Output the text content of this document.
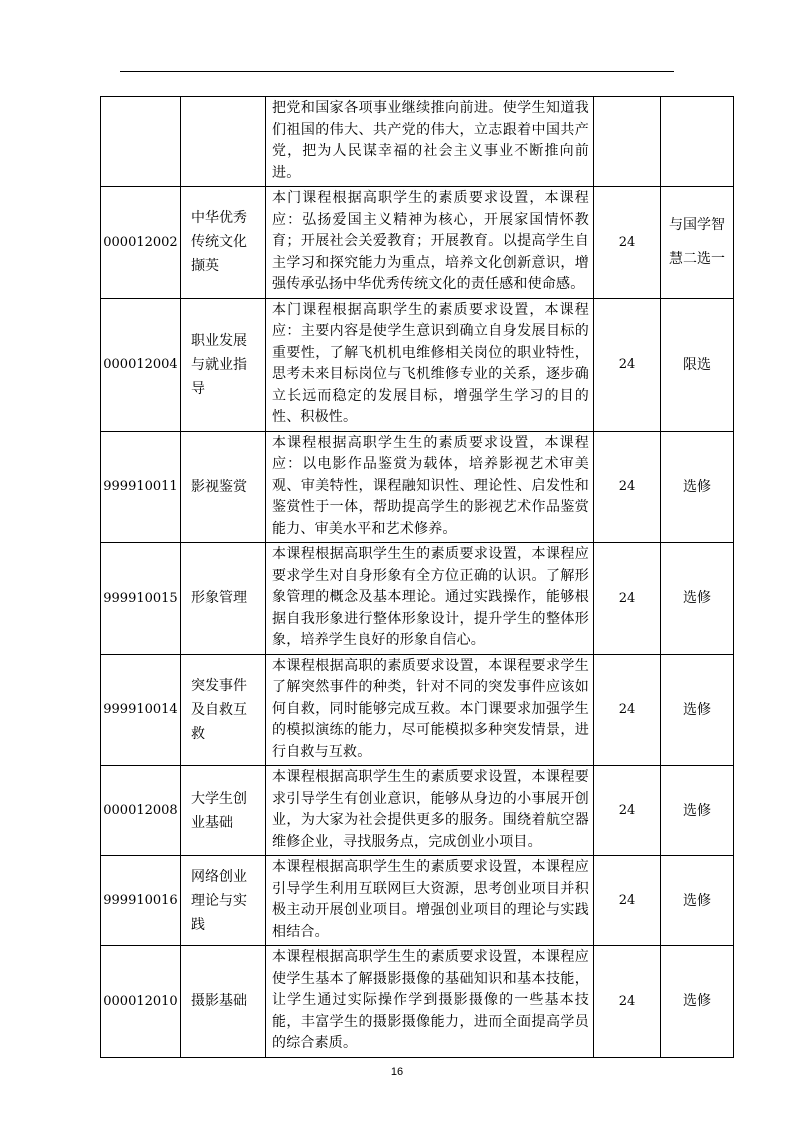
		把党和国家各项事业继续推向前进。使学生知道我们祖国的伟大、共产党的伟大，立志跟着中国共产党，把为人民谋幸福的社会主义事业不断推向前进。		
000012002	中华优秀传统文化撷英	本门课程根据高职学生的素质要求设置，本课程应：弘扬爱国主义精神为核心，开展家国情怀教育；开展社会关爱教育；开展教育。以提高学生自主学习和探究能力为重点，培养文化创新意识，增强传承弘扬中华优秀传统文化的责任感和使命感。	24	与国学智慧二选一
000012004	职业发展与就业指导	本门课程根据高职学生的素质要求设置，本课程应：主要内容是使学生意识到确立自身发展目标的重要性，了解飞机机电维修相关岗位的职业特性，思考未来目标岗位与飞机维修专业的关系，逐步确立长远而稳定的发展目标，增强学生学习的目的性、积极性。	24	限选
999910011	影视鉴赏	本课程根据高职学生生的素质要求设置，本课程应：以电影作品鉴赏为载体，培养影视艺术审美观、审美特性，课程融知识性、理论性、启发性和鉴赏性于一体，帮助提高学生的影视艺术作品鉴赏能力、审美水平和艺术修养。	24	选修
999910015	形象管理	本课程根据高职学生生的素质要求设置，本课程应要求学生对自身形象有全方位正确的认识。了解形象管理的概念及基本理论。通过实践操作，能够根据自我形象进行整体形象设计，提升学生的整体形象，培养学生良好的形象自信心。	24	选修
999910014	突发事件及自救互救	本课程根据高职的素质要求设置，本课程要求学生了解突然事件的种类，针对不同的突发事件应该如何自救，同时能够完成互救。本门课要求加强学生的模拟演练的能力，尽可能模拟多种突发情景，进行自救与互救。	24	选修
000012008	大学生创业基础	本课程根据高职学生生的素质要求设置，本课程要求引导学生有创业意识，能够从身边的小事展开创业，为大家为社会提供更多的服务。围绕着航空器维修企业，寻找服务点，完成创业小项目。	24	选修
999910016	网络创业理论与实践	本课程根据高职学生生的素质要求设置，本课程应引导学生利用互联网巨大资源，思考创业项目并积极主动开展创业项目。增强创业项目的理论与实践相结合。	24	选修
000012010	摄影基础	本课程根据高职学生生的素质要求设置，本课程应使学生基本了解摄影摄像的基础知识和基本技能，让学生通过实际操作学到摄影摄像的一些基本技能，丰富学生的摄影摄像能力，进而全面提高学员的综合素质。	24	选修
16
